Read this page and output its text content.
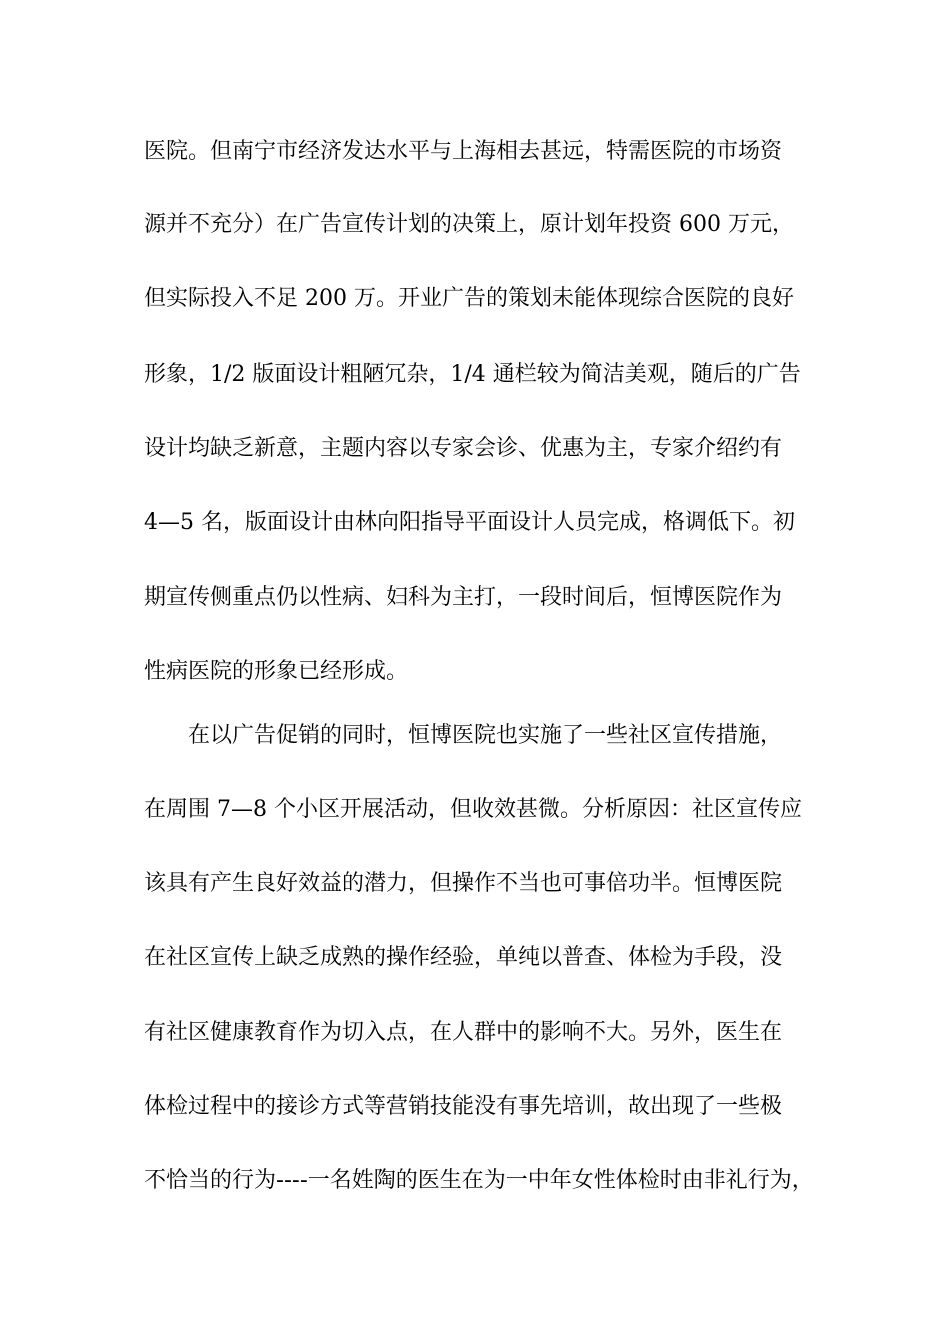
医院。但南宁市经济发达水平与上海相去甚远，特需医院的市场资
源并不充分）在广告宣传计划的决策上，原计划年投资 600 万元，
但实际投入不足 200 万。开业广告的策划未能体现综合医院的良好
形象，1/2 版面设计粗陋冗杂，1/4 通栏较为简洁美观，随后的广告
设计均缺乏新意，主题内容以专家会诊、优惠为主，专家介绍约有
4—5 名，版面设计由林向阳指导平面设计人员完成，格调低下。初
期宣传侧重点仍以性病、妇科为主打，一段时间后，恒博医院作为
性病医院的形象已经形成。
在以广告促销的同时，恒博医院也实施了一些社区宣传措施，
在周围 7—8 个小区开展活动，但收效甚微。分析原因：社区宣传应
该具有产生良好效益的潜力，但操作不当也可事倍功半。恒博医院
在社区宣传上缺乏成熟的操作经验，单纯以普查、体检为手段，没
有社区健康教育作为切入点，在人群中的影响不大。另外，医生在
体检过程中的接诊方式等营销技能没有事先培训，故出现了一些极
不恰当的行为----一名姓陶的医生在为一中年女性体检时由非礼行为，
